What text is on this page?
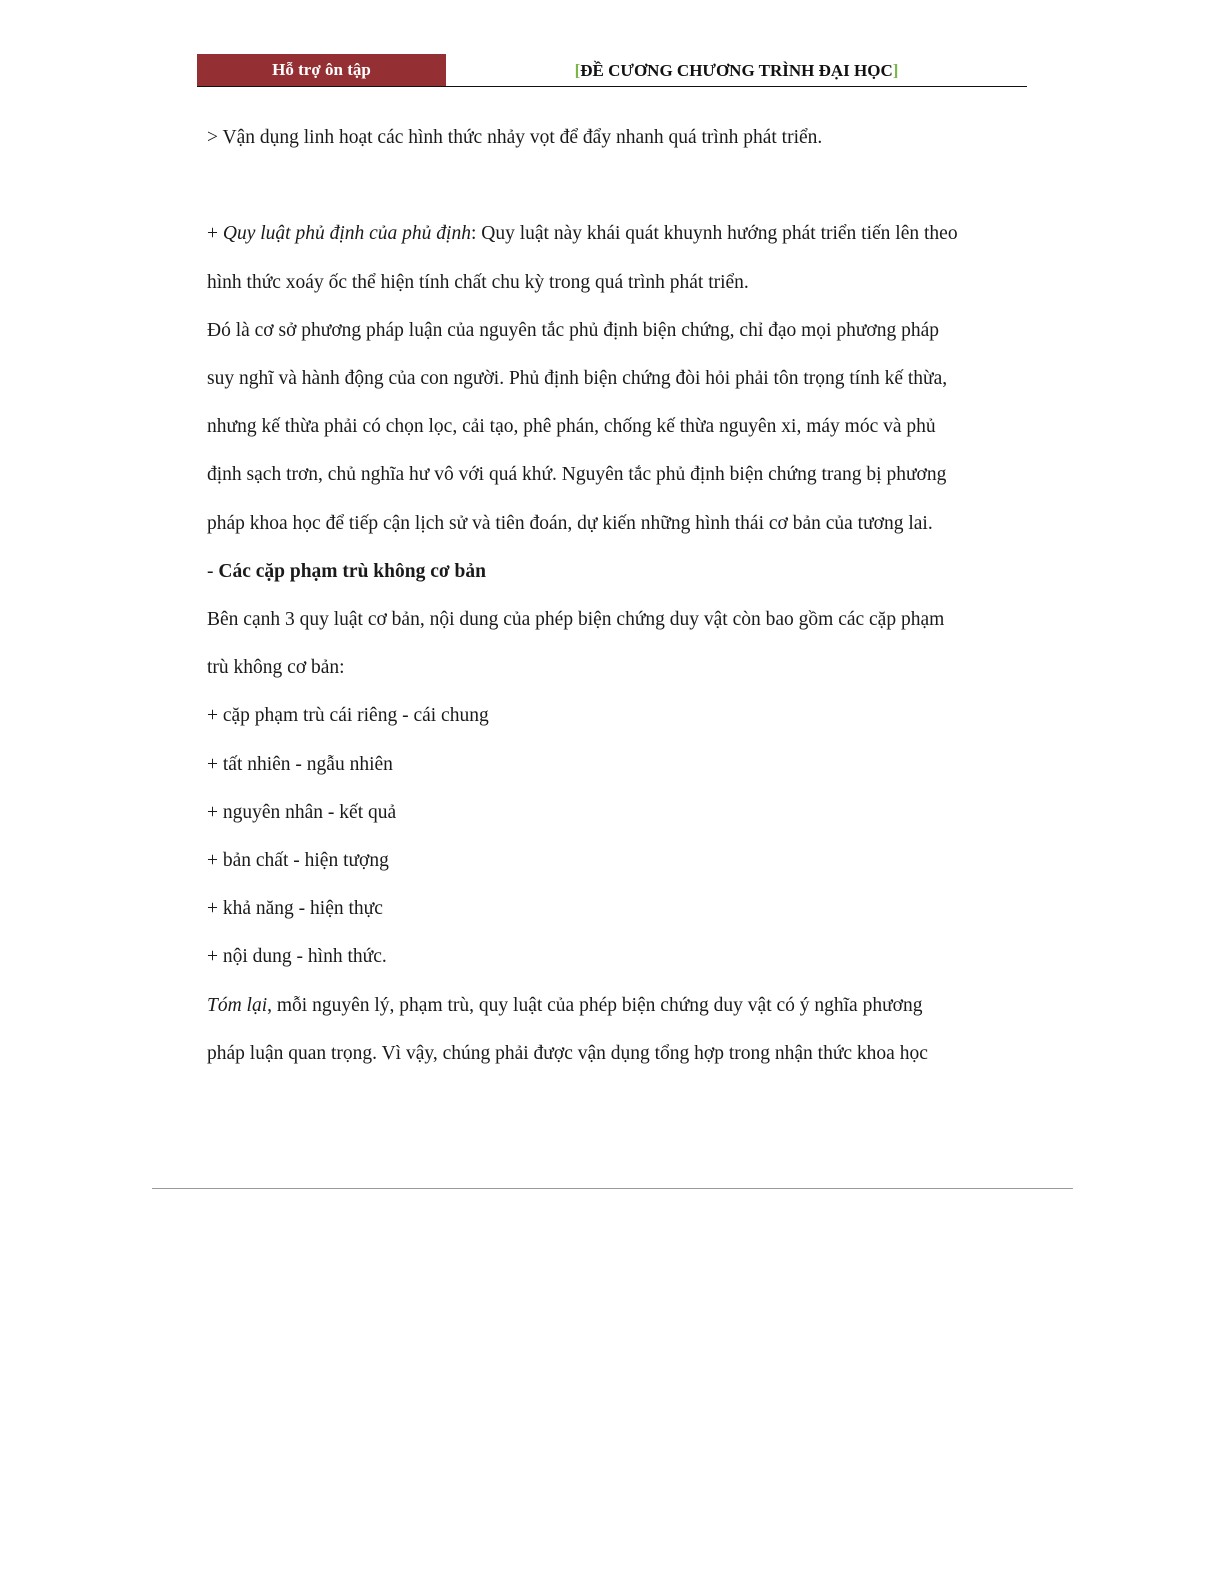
Hỗ trợ ôn tập	[ĐỀ CƯƠNG CHƯƠNG TRÌNH ĐẠI HỌC]

> Vận dụng linh hoạt các hình thức nhảy vọt để đẩy nhanh quá trình phát triển.

+ Quy luật phủ định của phủ định: Quy luật này khái quát khuynh hướng phát triển tiến lên theo

hình thức xoáy ốc thể hiện tính chất chu kỳ trong quá trình phát triển.

Đó là cơ sở phương pháp luận của nguyên tắc phủ định biện chứng, chỉ đạo mọi phương pháp

suy nghĩ và hành động của con người. Phủ định biện chứng đòi hỏi phải tôn trọng tính kế thừa,

nhưng kế thừa phải có chọn lọc, cải tạo, phê phán, chống kế thừa nguyên xi, máy móc và phủ

định sạch trơn, chủ nghĩa hư vô với quá khứ. Nguyên tắc phủ định biện chứng trang bị phương

pháp khoa học để tiếp cận lịch sử và tiên đoán, dự kiến những hình thái cơ bản của tương lai.

- Các cặp phạm trù không cơ bản

Bên cạnh 3 quy luật cơ bản, nội dung của phép biện chứng duy vật còn bao gồm các cặp phạm

trù không cơ bản:

+ cặp phạm trù cái riêng - cái chung

+ tất nhiên - ngẫu nhiên

+ nguyên nhân - kết quả

+ bản chất - hiện tượng

+ khả năng - hiện thực

+ nội dung - hình thức.

Tóm lại, mỗi nguyên lý, phạm trù, quy luật của phép biện chứng duy vật có ý nghĩa phương

pháp luận quan trọng. Vì vậy, chúng phải được vận dụng tổng hợp trong nhận thức khoa học
